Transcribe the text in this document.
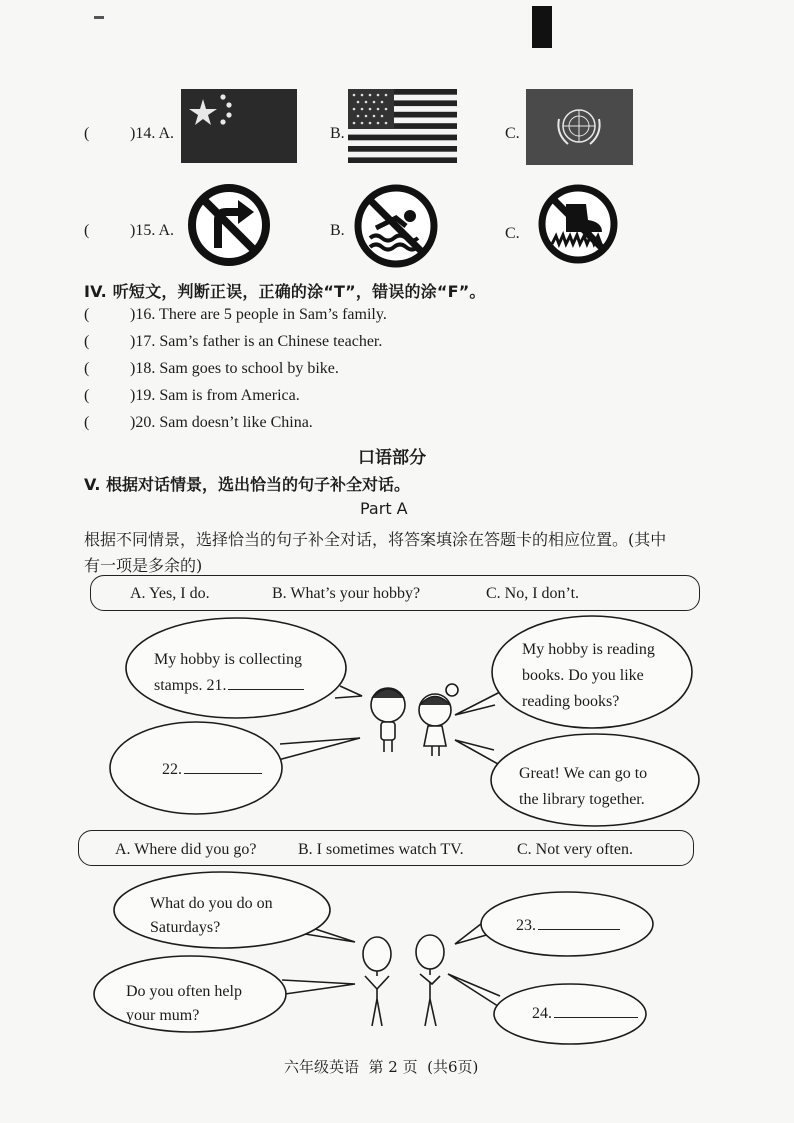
(	)14. A.	B.	C.
(	)15. A.	B.	C.
IV. 听短文，判断正误，正确的涂“T”，错误的涂“F”。
(	)16. There are 5 people in Sam’s family.
(	)17. Sam’s father is an Chinese teacher.
(	)18. Sam goes to school by bike.
(	)19. Sam is from America.
(	)20. Sam doesn’t like China.
口语部分
V. 根据对话情景，选出恰当的句子补全对话。
Part A
根据不同情景，选择恰当的句子补全对话，将答案填涂在答题卡的相应位置。(其中
有一项是多余的)
A. Yes, I do.	B. What’s your hobby?	C. No, I don’t.
My hobby is collecting
stamps. 21.
My hobby is reading
books. Do you like
reading books?
22.	Great! We can go to
the library together.
A. Where did you go?	B. I sometimes watch TV.	C. Not very often.
What do you do on
Saturdays?	23.
Do you often help
your mum?	24.
六年级英语  第 2 页  (共6页)
